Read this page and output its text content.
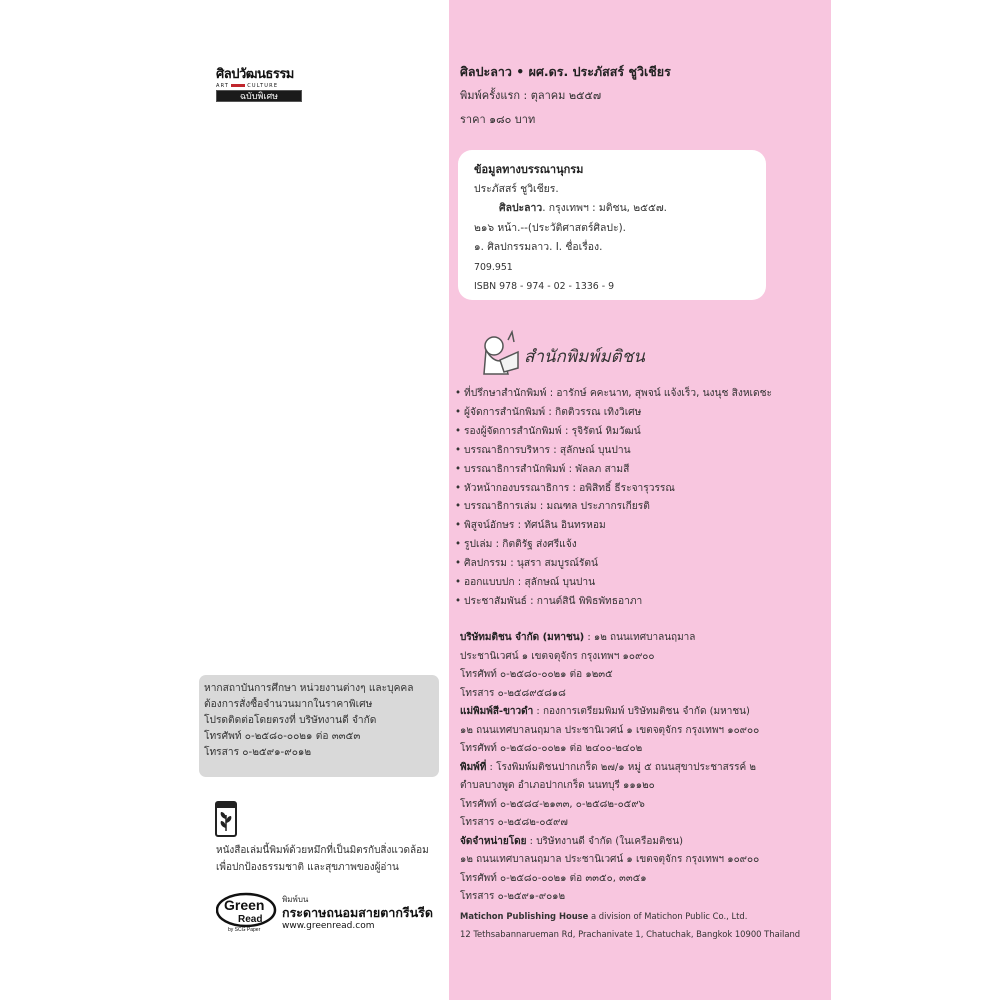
ศิลปวัฒนธรรม
ART	CULTURE
ฉบับพิเศษ
หากสถาบันการศึกษา หน่วยงานต่างๆ และบุคคล
ต้องการสั่งซื้อจำนวนมากในราคาพิเศษ
โปรดติดต่อโดยตรงที่ บริษัทงานดี จำกัด
โทรศัพท์ ๐-๒๕๘๐-๐๐๒๑ ต่อ ๓๓๕๓
โทรสาร ๐-๒๕๙๑-๙๐๑๒
หนังสือเล่มนี้พิมพ์ด้วยหมึกที่เป็นมิตรกับสิ่งแวดล้อม
เพื่อปกป้องธรรมชาติ และสุขภาพของผู้อ่าน
Green
Read
by SCG Paper
พิมพ์บน
กระดาษถนอมสายตากรีนรีด
www.greenread.com
ศิลปะลาว • ผศ.ดร. ประภัสสร์ ชูวิเชียร
พิมพ์ครั้งแรก : ตุลาคม ๒๕๕๗
ราคา ๑๘๐ บาท
ข้อมูลทางบรรณานุกรม
ประภัสสร์ ชูวิเชียร.
ศิลปะลาว. กรุงเทพฯ : มติชน, ๒๕๕๗.
๒๑๖ หน้า.--(ประวัติศาสตร์ศิลปะ).
๑. ศิลปกรรมลาว. I. ชื่อเรื่อง.
709.951
ISBN 978 - 974 - 02 - 1336 - 9
สำนักพิมพ์มติชน
• ที่ปรึกษาสำนักพิมพ์ : อารักษ์ คคะนาท, สุพจน์ แจ้งเร็ว, นงนุช สิงหเดชะ
• ผู้จัดการสำนักพิมพ์ : กิตติวรรณ เทิงวิเศษ
• รองผู้จัดการสำนักพิมพ์ : รุจิรัตน์ หิมวัฒน์
• บรรณาธิการบริหาร : สุลักษณ์ บุนปาน
• บรรณาธิการสำนักพิมพ์ : พัลลภ สามสี
• หัวหน้ากองบรรณาธิการ : อพิสิทธิ์ ธีระจารุวรรณ
• บรรณาธิการเล่ม : มณฑล ประภากรเกียรติ
• พิสูจน์อักษร : ทัศน์ลิน อินทรหอม
• รูปเล่ม : กิตติรัฐ ส่งศรีแจ้ง
• ศิลปกรรม : นุสรา สมบูรณ์รัตน์
• ออกแบบปก : สุลักษณ์ บุนปาน
• ประชาสัมพันธ์ : กานต์สินี พิพิธพัทธอาภา
บริษัทมติชน จำกัด (มหาชน) : ๑๒ ถนนเทศบาลนฤมาล
ประชานิเวศน์ ๑ เขตจตุจักร กรุงเทพฯ ๑๐๙๐๐
โทรศัพท์ ๐-๒๕๘๐-๐๐๒๑ ต่อ ๑๒๓๕
โทรสาร ๐-๒๕๘๙๕๘๑๘
แม่พิมพ์สี-ขาวดำ : กองการเตรียมพิมพ์ บริษัทมติชน จำกัด (มหาชน)
๑๒ ถนนเทศบาลนฤมาล ประชานิเวศน์ ๑ เขตจตุจักร กรุงเทพฯ ๑๐๙๐๐
โทรศัพท์ ๐-๒๕๘๐-๐๐๒๑ ต่อ ๒๔๐๐-๒๔๐๒
พิมพ์ที่ : โรงพิมพ์มติชนปากเกร็ด ๒๗/๑ หมู่ ๕ ถนนสุขาประชาสรรค์ ๒
ตำบลบางพูด อำเภอปากเกร็ด นนทบุรี ๑๑๑๒๐
โทรศัพท์ ๐-๒๕๘๔-๒๑๓๓, ๐-๒๕๘๒-๐๕๙๖
โทรสาร ๐-๒๕๘๒-๐๕๙๗
จัดจำหน่ายโดย : บริษัทงานดี จำกัด (ในเครือมติชน)
๑๒ ถนนเทศบาลนฤมาล ประชานิเวศน์ ๑ เขตจตุจักร กรุงเทพฯ ๑๐๙๐๐
โทรศัพท์ ๐-๒๕๘๐-๐๐๒๑ ต่อ ๓๓๕๐, ๓๓๕๑
โทรสาร ๐-๒๕๙๑-๙๐๑๒
Matichon Publishing House a division of Matichon Public Co., Ltd.
12 Tethsabannarueman Rd, Prachanivate 1, Chatuchak, Bangkok 10900 Thailand
